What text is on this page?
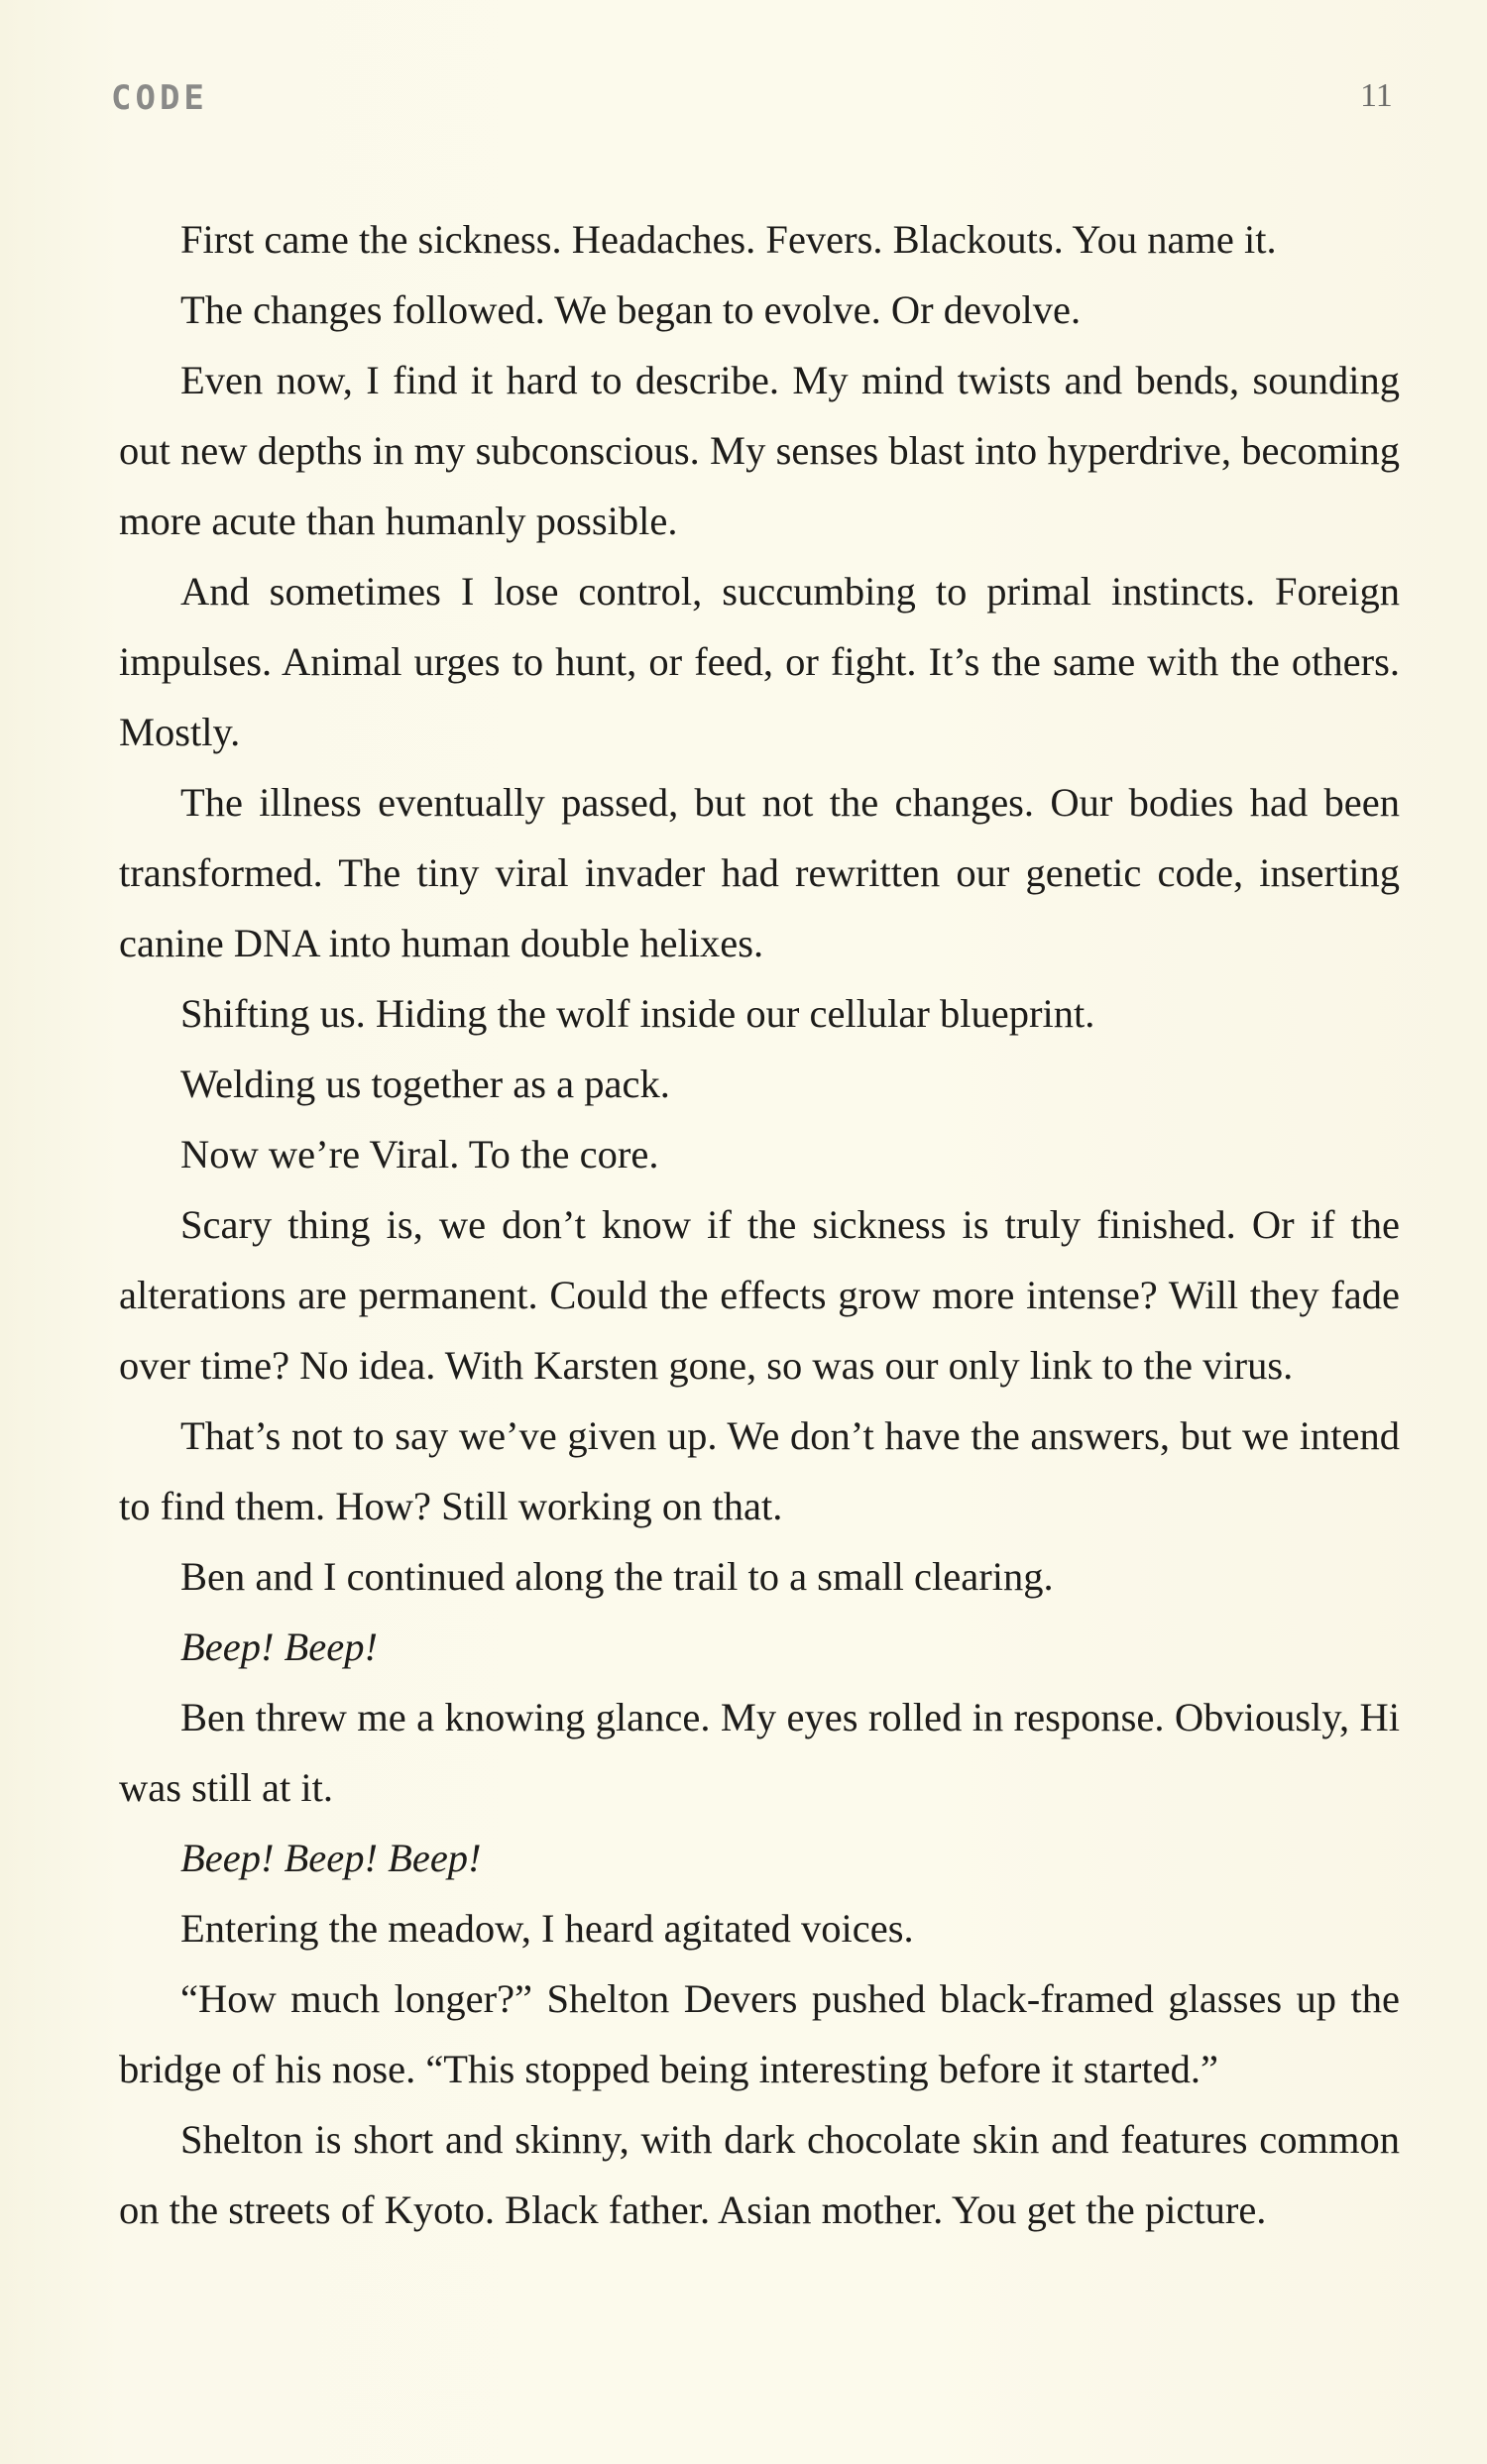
CODE	11

First came the sickness. Headaches. Fevers. Blackouts. You name it.

The changes followed. We began to evolve. Or devolve.

Even now, I find it hard to describe. My mind twists and bends, sounding out new depths in my subconscious. My senses blast into hyperdrive, becoming more acute than humanly possible.

And sometimes I lose control, succumbing to primal instincts. Foreign impulses. Animal urges to hunt, or feed, or fight. It’s the same with the others. Mostly.

The illness eventually passed, but not the changes. Our bodies had been transformed. The tiny viral invader had rewritten our genetic code, inserting canine DNA into human double helixes.

Shifting us. Hiding the wolf inside our cellular blueprint.

Welding us together as a pack.

Now we’re Viral. To the core.

Scary thing is, we don’t know if the sickness is truly finished. Or if the alterations are permanent. Could the effects grow more intense? Will they fade over time? No idea. With Karsten gone, so was our only link to the virus.

That’s not to say we’ve given up. We don’t have the answers, but we intend to find them. How? Still working on that.

Ben and I continued along the trail to a small clearing.

Beep! Beep!

Ben threw me a knowing glance. My eyes rolled in response. Obviously, Hi was still at it.

Beep! Beep! Beep!

Entering the meadow, I heard agitated voices.

“How much longer?” Shelton Devers pushed black-framed glasses up the bridge of his nose. “This stopped being interesting before it started.”

Shelton is short and skinny, with dark chocolate skin and features common on the streets of Kyoto. Black father. Asian mother. You get the picture.
